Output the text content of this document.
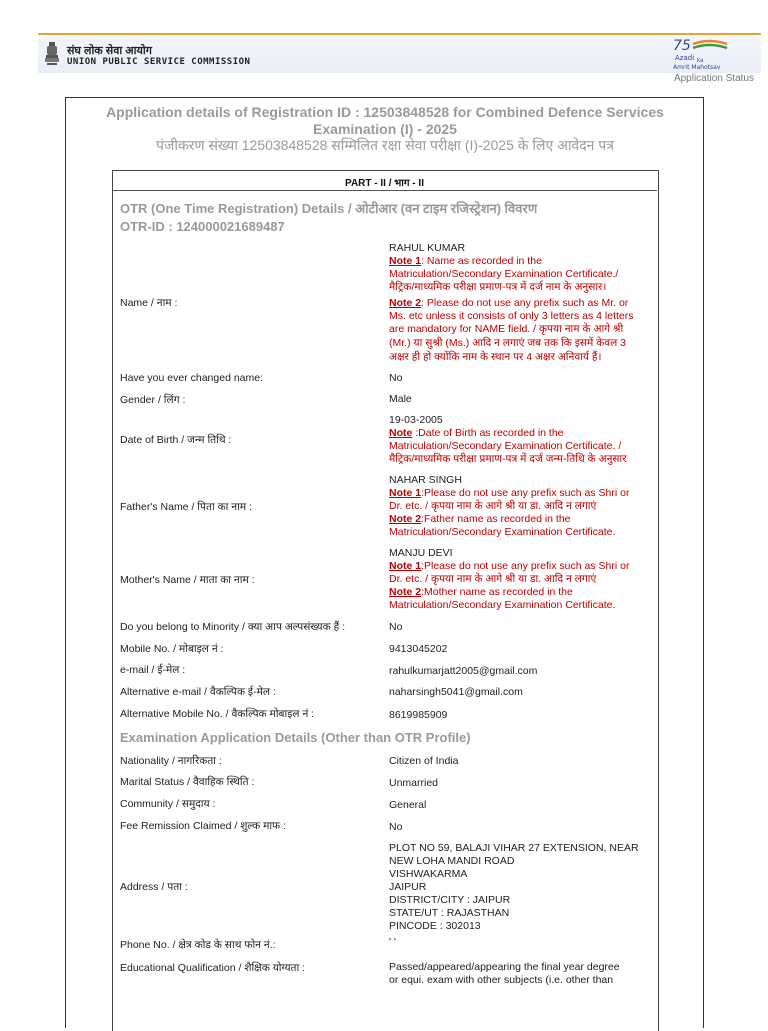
संघ लोक सेवा आयोग
UNION PUBLIC SERVICE COMMISSION
75
Azadi Ka
Amrit Mahotsav
Application Status
Application details of Registration ID : 12503848528 for Combined Defence Services
Examination (I) - 2025
पंजीकरण संख्या 12503848528 सम्मिलित रक्षा सेवा परीक्षा (I)-2025 के लिए आवेदन पत्र
PART - II / भाग - II
OTR (One Time Registration) Details / ओटीआर (वन टाइम रजिस्ट्रेशन) विवरण
OTR-ID : 124000021689487
Name / नाम :
RAHUL KUMAR
Note 1: Name as recorded in the
Matriculation/Secondary Examination Certificate./
मैट्रिक/माध्यमिक परीक्षा प्रमाण-पत्र में दर्ज नाम के अनुसार।
Note 2: Please do not use any prefix such as Mr. or
Ms. etc unless it consists of only 3 letters as 4 letters
are mandatory for NAME field. / कृपया नाम के आगे श्री
(Mr.) या सुश्री (Ms.) आदि न लगाएं जब तक कि इसमें केवल 3
अक्षर ही हो क्योंकि नाम के स्थान पर 4 अक्षर अनिवार्य हैं।
Have you ever changed name:	No
Gender / लिंग :	Male
Date of Birth / जन्म तिथि :
19-03-2005
Note :Date of Birth as recorded in the
Matriculation/Secondary Examination Certificate. /
मैट्रिक/माध्यमिक परीक्षा प्रमाण-पत्र में दर्ज जन्म-तिथि के अनुसार
Father's Name / पिता का नाम :
NAHAR SINGH
Note 1:Please do not use any prefix such as Shri or
Dr. etc. / कृपया नाम के आगे श्री या डा. आदि न लगाएं
Note 2:Father name as recorded in the
Matriculation/Secondary Examination Certificate.
Mother's Name / माता का नाम :
MANJU DEVI
Note 1:Please do not use any prefix such as Shri or
Dr. etc. / कृपया नाम के आगे श्री या डा. आदि न लगाएं
Note 2:Mother name as recorded in the
Matriculation/Secondary Examination Certificate.
Do you belong to Minority / क्या आप अल्पसंख्यक हैं :	No
Mobile No. / मोबाइल नं :	9413045202
e-mail / ई-मेल :	rahulkumarjatt2005@gmail.com
Alternative e-mail / वैकल्पिक ई-मेल :	naharsingh5041@gmail.com
Alternative Mobile No. / वैकल्पिक मोबाइल नं :	8619985909
Examination Application Details (Other than OTR Profile)
Nationality / नागरिकता :	Citizen of India
Marital Status / वैवाहिक स्थिति :	Unmarried
Community / समुदाय :	General
Fee Remission Claimed / शुल्क माफ :	No
Address / पता :
PLOT NO 59, BALAJI VIHAR 27 EXTENSION, NEAR
NEW LOHA MANDI ROAD
VISHWAKARMA
JAIPUR
DISTRICT/CITY : JAIPUR
STATE/UT : RAJASTHAN
PINCODE : 302013
Phone No. / क्षेत्र कोड के साथ फोन नं.:	' '
Educational Qualification / शैक्षिक योग्यता :	Passed/appeared/appearing the final year degree
or equi. exam with other subjects (i.e. other than
